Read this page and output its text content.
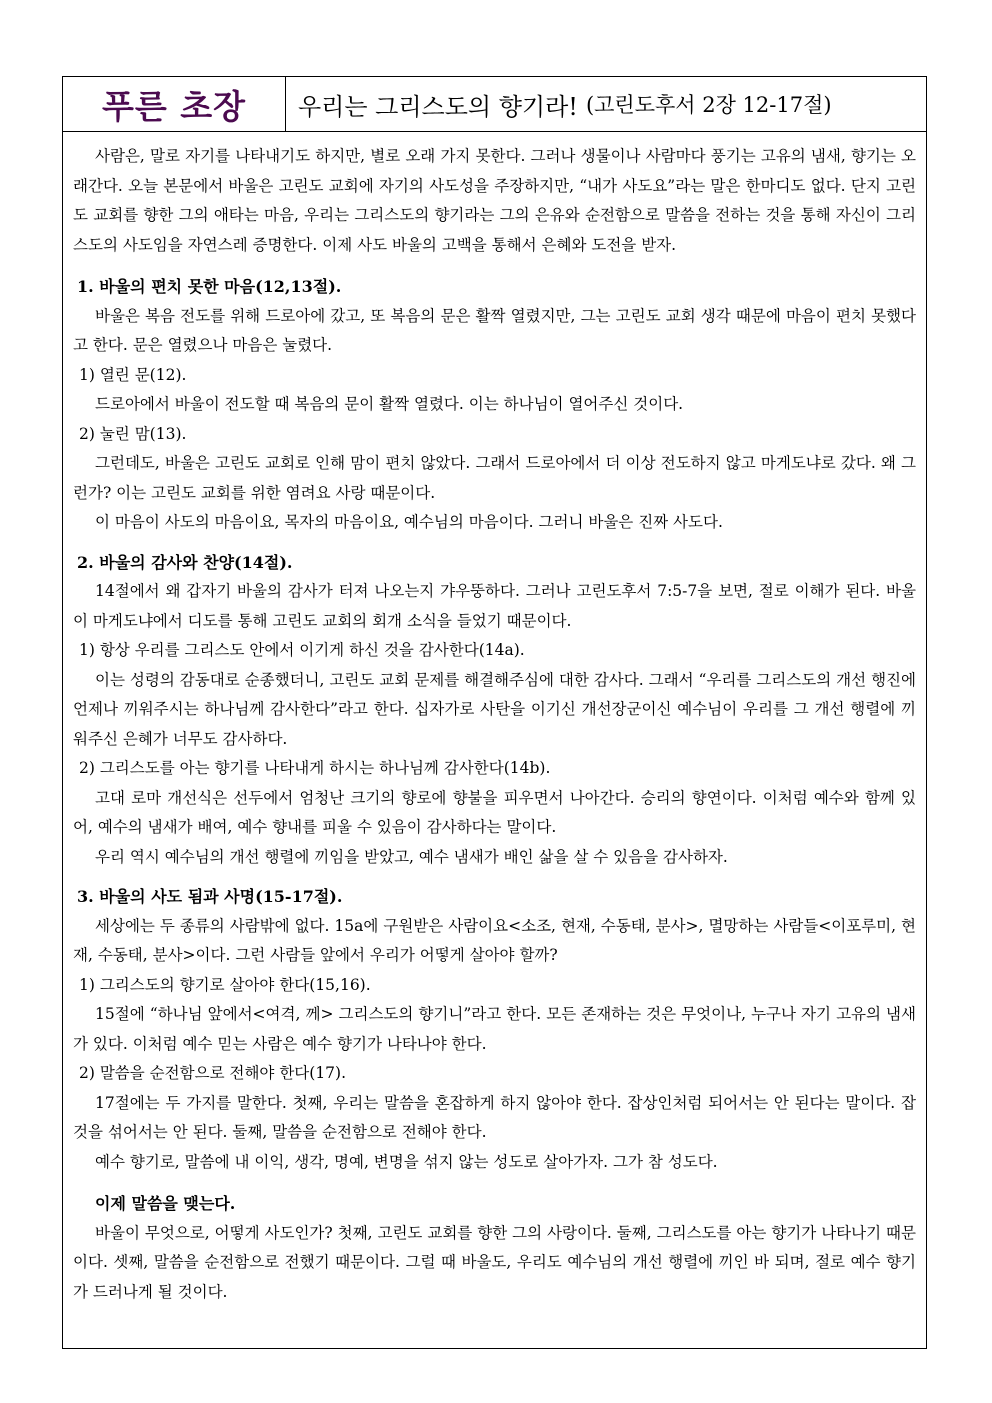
푸른 초장	우리는 그리스도의 향기라! (고린도후서 2장 12-17절)

사람은, 말로 자기를 나타내기도 하지만, 별로 오래 가지 못한다. 그러나 생물이나 사람마다 풍기는 고유의 냄새, 향기는 오래간다. 오늘 본문에서 바울은 고린도 교회에 자기의 사도성을 주장하지만, “내가 사도요”라는 말은 한마디도 없다. 단지 고린도 교회를 향한 그의 애타는 마음, 우리는 그리스도의 향기라는 그의 은유와 순전함으로 말씀을 전하는 것을 통해 자신이 그리스도의 사도임을 자연스레 증명한다. 이제 사도 바울의 고백을 통해서 은혜와 도전을 받자.

1. 바울의 편치 못한 마음(12,13절).

바울은 복음 전도를 위해 드로아에 갔고, 또 복음의 문은 활짝 열렸지만, 그는 고린도 교회 생각 때문에 마음이 편치 못했다고 한다. 문은 열렸으나 마음은 눌렸다.

1) 열린 문(12).

드로아에서 바울이 전도할 때 복음의 문이 활짝 열렸다. 이는 하나님이 열어주신 것이다.

2) 눌린 맘(13).

그런데도, 바울은 고린도 교회로 인해 맘이 편치 않았다. 그래서 드로아에서 더 이상 전도하지 않고 마게도냐로 갔다. 왜 그런가? 이는 고린도 교회를 위한 염려요 사랑 때문이다.

이 마음이 사도의 마음이요, 목자의 마음이요, 예수님의 마음이다. 그러니 바울은 진짜 사도다.

2. 바울의 감사와 찬양(14절).

14절에서 왜 갑자기 바울의 감사가 터져 나오는지 갸우뚱하다. 그러나 고린도후서 7:5-7을 보면, 절로 이해가 된다. 바울이 마게도냐에서 디도를 통해 고린도 교회의 회개 소식을 들었기 때문이다.

1) 항상 우리를 그리스도 안에서 이기게 하신 것을 감사한다(14a).

이는 성령의 감동대로 순종했더니, 고린도 교회 문제를 해결해주심에 대한 감사다. 그래서 “우리를 그리스도의 개선 행진에 언제나 끼워주시는 하나님께 감사한다”라고 한다. 십자가로 사탄을 이기신 개선장군이신 예수님이 우리를 그 개선 행렬에 끼워주신 은혜가 너무도 감사하다.

2) 그리스도를 아는 향기를 나타내게 하시는 하나님께 감사한다(14b).

고대 로마 개선식은 선두에서 엄청난 크기의 향로에 향불을 피우면서 나아간다. 승리의 향연이다. 이처럼 예수와 함께 있어, 예수의 냄새가 배여, 예수 향내를 피울 수 있음이 감사하다는 말이다.

우리 역시 예수님의 개선 행렬에 끼임을 받았고, 예수 냄새가 배인 삶을 살 수 있음을 감사하자.

3. 바울의 사도 됨과 사명(15-17절).

세상에는 두 종류의 사람밖에 없다. 15a에 구원받은 사람이요<소조, 현재, 수동태, 분사>, 멸망하는 사람들<이포루미, 현재, 수동태, 분사>이다. 그런 사람들 앞에서 우리가 어떻게 살아야 할까?

1) 그리스도의 향기로 살아야 한다(15,16).

15절에 “하나님 앞에서<여격, 께> 그리스도의 향기니”라고 한다. 모든 존재하는 것은 무엇이나, 누구나 자기 고유의 냄새가 있다. 이처럼 예수 믿는 사람은 예수 향기가 나타나야 한다.

2) 말씀을 순전함으로 전해야 한다(17).

17절에는 두 가지를 말한다. 첫째, 우리는 말씀을 혼잡하게 하지 않아야 한다. 잡상인처럼 되어서는 안 된다는 말이다. 잡것을 섞어서는 안 된다. 둘째, 말씀을 순전함으로 전해야 한다.

예수 향기로, 말씀에 내 이익, 생각, 명예, 변명을 섞지 않는 성도로 살아가자. 그가 참 성도다.

이제 말씀을 맺는다.

바울이 무엇으로, 어떻게 사도인가? 첫째, 고린도 교회를 향한 그의 사랑이다. 둘째, 그리스도를 아는 향기가 나타나기 때문이다. 셋째, 말씀을 순전함으로 전했기 때문이다. 그럴 때 바울도, 우리도 예수님의 개선 행렬에 끼인 바 되며, 절로 예수 향기가 드러나게 될 것이다.
